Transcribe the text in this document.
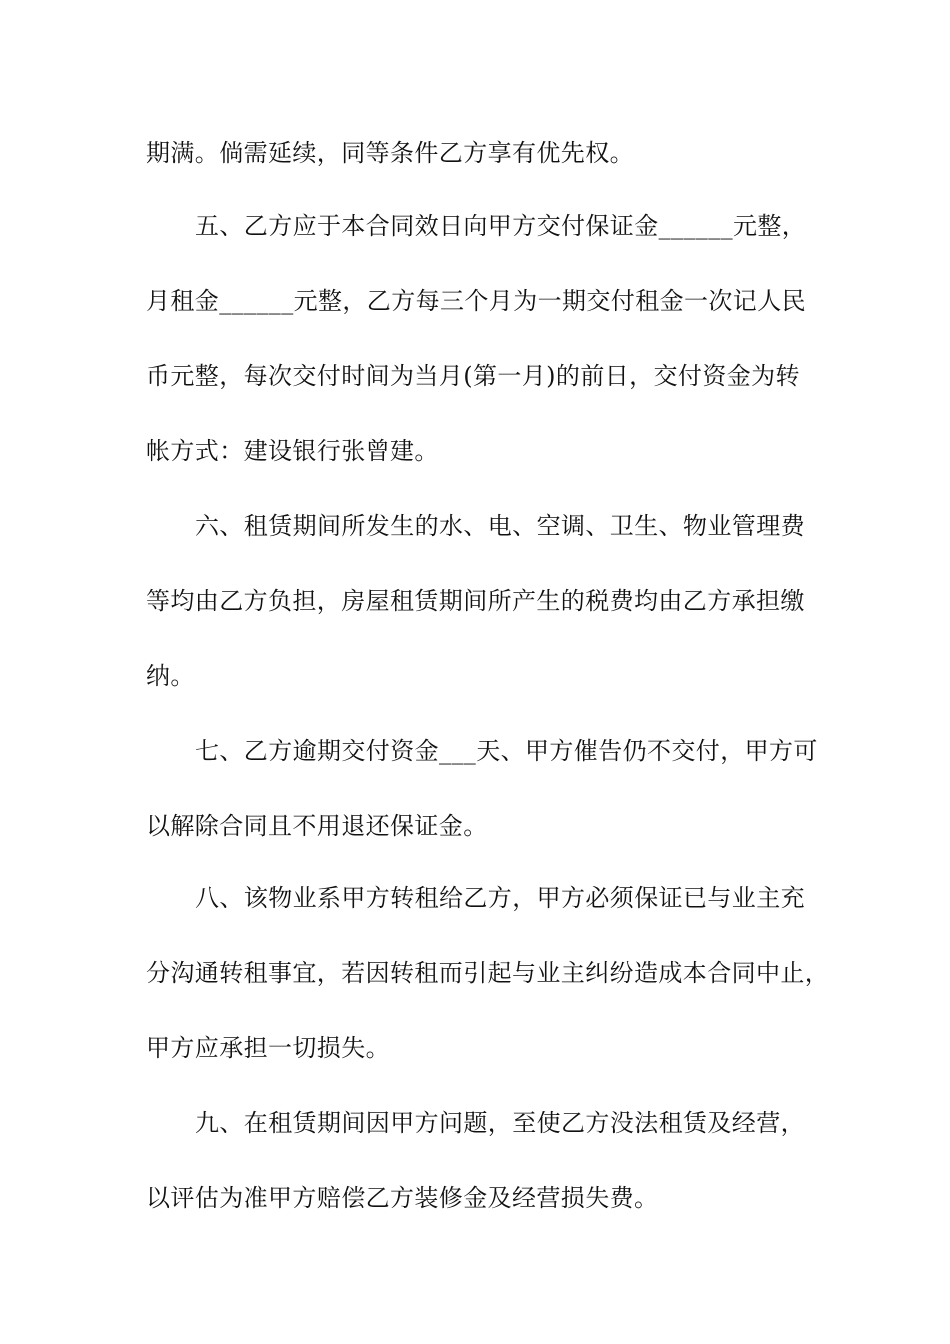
期满。倘需延续，同等条件乙方享有优先权。

五、乙方应于本合同效日向甲方交付保证金______元整，

月租金______元整，乙方每三个月为一期交付租金一次记人民

币元整，每次交付时间为当月(第一月)的前日，交付资金为转

帐方式：建设银行张曾建。

六、租赁期间所发生的水、电、空调、卫生、物业管理费

等均由乙方负担，房屋租赁期间所产生的税费均由乙方承担缴

纳。

七、乙方逾期交付资金___天、甲方催告仍不交付，甲方可

以解除合同且不用退还保证金。

八、该物业系甲方转租给乙方，甲方必须保证已与业主充

分沟通转租事宜，若因转租而引起与业主纠纷造成本合同中止，

甲方应承担一切损失。

九、在租赁期间因甲方问题，至使乙方没法租赁及经营，

以评估为准甲方赔偿乙方装修金及经营损失费。
